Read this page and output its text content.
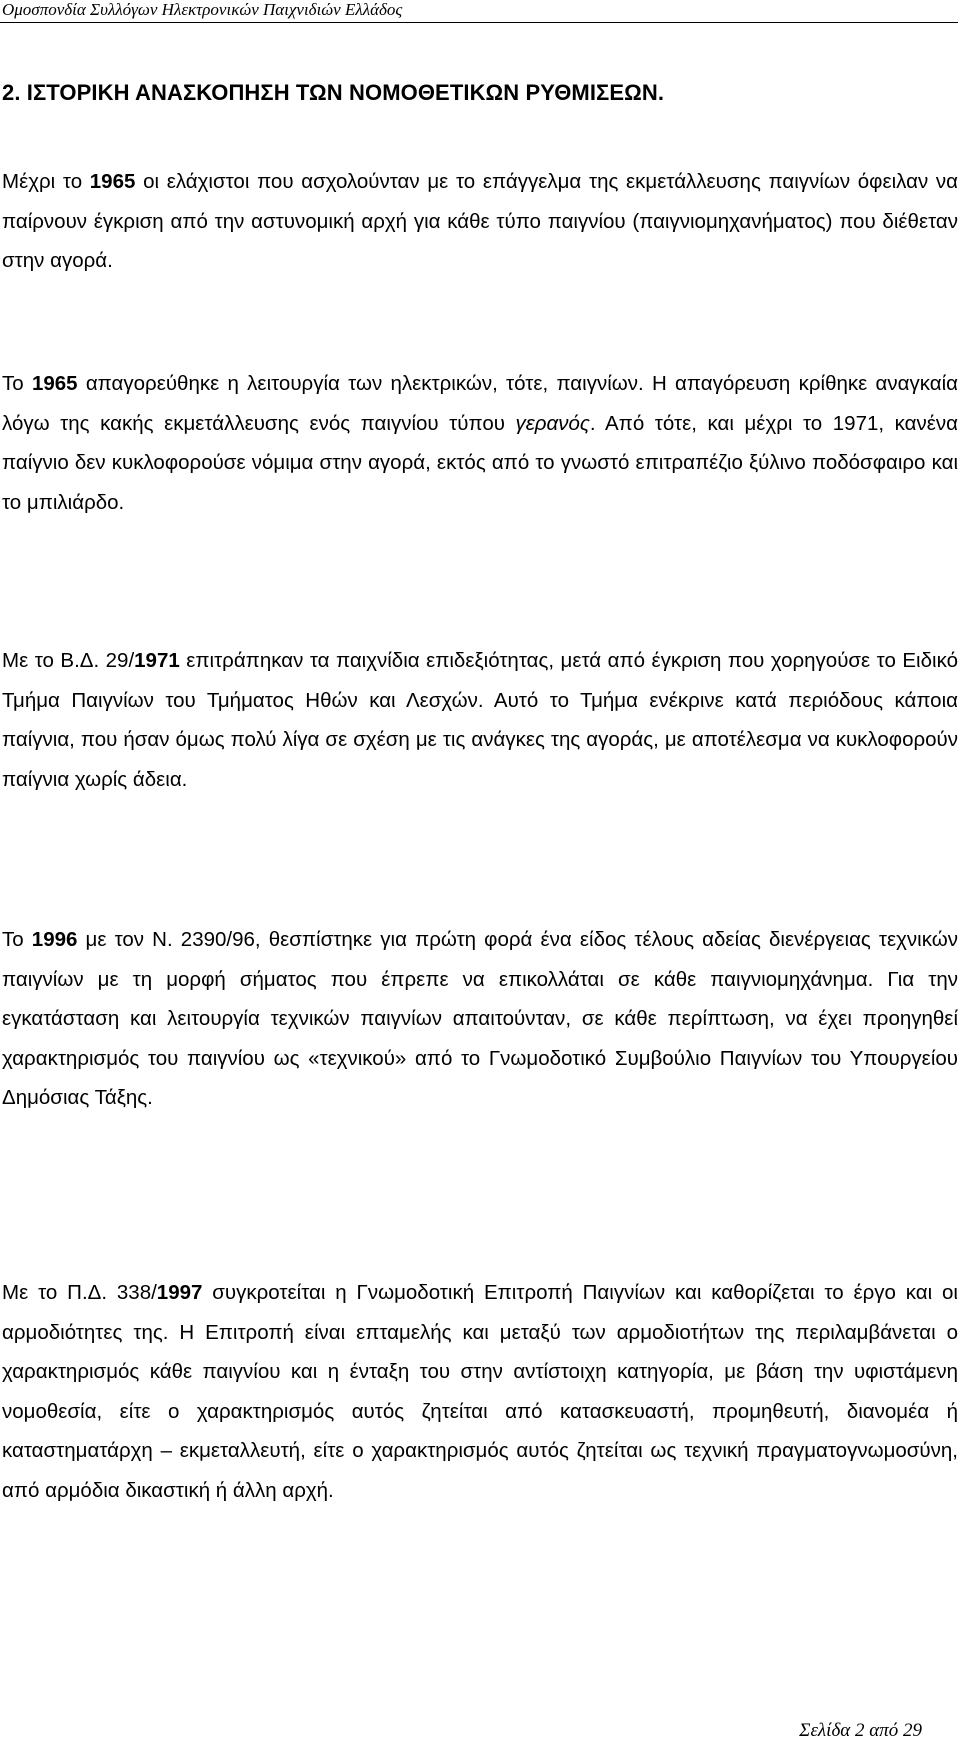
Ομοσπονδία Συλλόγων Ηλεκτρονικών Παιχνιδιών Ελλάδος
2. ΙΣΤΟΡΙΚΗ ΑΝΑΣΚΟΠΗΣΗ ΤΩΝ ΝΟΜΟΘΕΤΙΚΩΝ ΡΥΘΜΙΣΕΩΝ.

Μέχρι το 1965 οι ελάχιστοι που ασχολούνταν με το επάγγελμα της εκμετάλλευσης παιγνίων όφειλαν να παίρνουν έγκριση από την αστυνομική αρχή για κάθε τύπο παιγνίου (παιγνιομηχανήματος) που διέθεταν στην αγορά.

Το 1965 απαγορεύθηκε η λειτουργία των ηλεκτρικών, τότε, παιγνίων. Η απαγόρευση κρίθηκε αναγκαία λόγω της κακής εκμετάλλευσης ενός παιγνίου τύπου γερανός. Από τότε, και μέχρι το 1971, κανένα παίγνιο δεν κυκλοφορούσε νόμιμα στην αγορά, εκτός από το γνωστό επιτραπέζιο ξύλινο ποδόσφαιρο και το μπιλιάρδο.

Με το Β.Δ. 29/1971 επιτράπηκαν τα παιχνίδια επιδεξιότητας, μετά από έγκριση που χορηγούσε το Ειδικό Τμήμα Παιγνίων του Τμήματος Ηθών και Λεσχών. Αυτό το Τμήμα ενέκρινε κατά περιόδους κάποια παίγνια, που ήσαν όμως πολύ λίγα σε σχέση με τις ανάγκες της αγοράς, με αποτέλεσμα να κυκλοφορούν παίγνια χωρίς άδεια.

Το 1996 με τον Ν. 2390/96, θεσπίστηκε για πρώτη φορά ένα είδος τέλους αδείας διενέργειας τεχνικών παιγνίων με τη μορφή σήματος που έπρεπε να επικολλάται σε κάθε παιγνιομηχάνημα. Για την εγκατάσταση και λειτουργία τεχνικών παιγνίων απαιτούνταν, σε κάθε περίπτωση, να έχει προηγηθεί χαρακτηρισμός του παιγνίου ως «τεχνικού» από το Γνωμοδοτικό Συμβούλιο Παιγνίων του Υπουργείου Δημόσιας Τάξης.

Με το Π.Δ. 338/1997 συγκροτείται η Γνωμοδοτική Επιτροπή Παιγνίων και καθορίζεται το έργο και οι αρμοδιότητες της. Η Επιτροπή είναι επταμελής και μεταξύ των αρμοδιοτήτων της περιλαμβάνεται ο χαρακτηρισμός κάθε παιγνίου και η ένταξη του στην αντίστοιχη κατηγορία, με βάση την υφιστάμενη νομοθεσία, είτε ο χαρακτηρισμός αυτός ζητείται από κατασκευαστή, προμηθευτή, διανομέα ή καταστηματάρχη – εκμεταλλευτή, είτε ο χαρακτηρισμός αυτός ζητείται ως τεχνική πραγματογνωμοσύνη, από αρμόδια δικαστική ή άλλη αρχή.

Σελίδα 2 από 29
